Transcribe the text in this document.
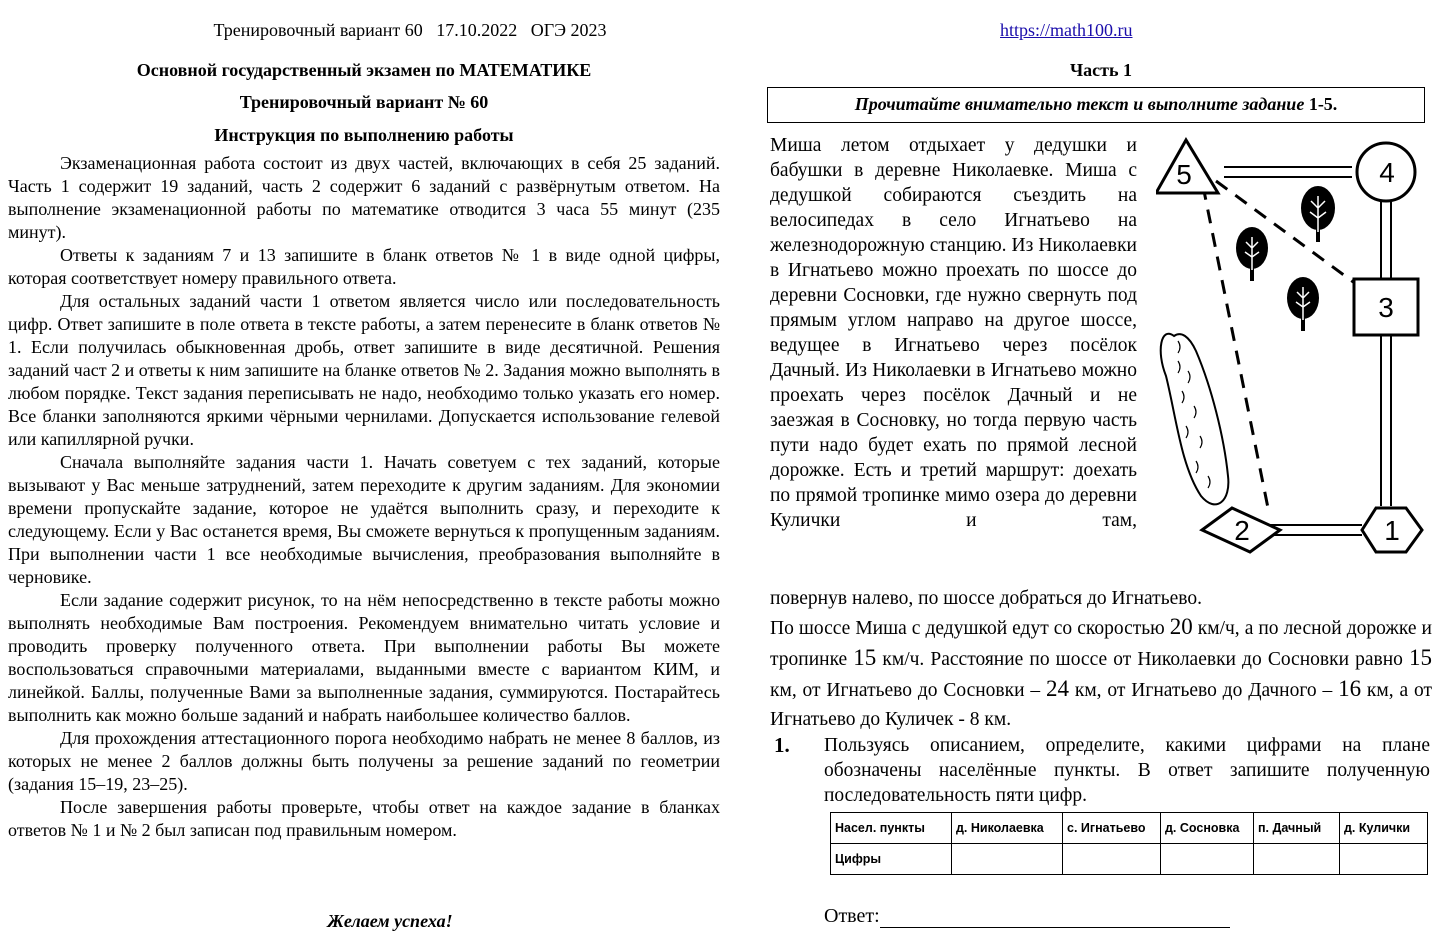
Тренировочный вариант 60   17.10.2022   ОГЭ 2023	https://math100.ru
Основной государственный экзамен по МАТЕМАТИКЕ
Тренировочный вариант № 60
Инструкция по выполнению работы

Экзаменационная работа состоит из двух частей, включающих в себя 25 заданий. Часть 1 содержит 19 заданий, часть 2 содержит 6 заданий с развёрнутым ответом. На выполнение экзаменационной работы по математике отводится 3 часа 55 минут (235 минут).

Ответы к заданиям 7 и 13 запишите в бланк ответов № 1 в виде одной цифры, которая соответствует номеру правильного ответа.

Для остальных заданий части 1 ответом является число или последовательность цифр. Ответ запишите в поле ответа в тексте работы, а затем перенесите в бланк ответов № 1. Если получилась обыкновенная дробь, ответ запишите в виде десятичной. Решения заданий част 2 и ответы к ним запишите на бланке ответов № 2. Задания можно выполнять в любом порядке. Текст задания переписывать не надо, необходимо только указать его номер. Все бланки заполняются яркими чёрными чернилами. Допускается использование гелевой или капиллярной ручки.

Сначала выполняйте задания части 1. Начать советуем с тех заданий, которые вызывают у Вас меньше затруднений, затем переходите к другим заданиям. Для экономии времени пропускайте задание, которое не удаётся выполнить сразу, и переходите к следующему. Если у Вас останется время, Вы сможете вернуться к пропущенным заданиям. При выполнении части 1 все необходимые вычисления, преобразования выполняйте в черновике.

Если задание содержит рисунок, то на нём непосредственно в тексте работы можно выполнять необходимые Вам построения. Рекомендуем внимательно читать условие и проводить проверку полученного ответа. При выполнении работы Вы можете воспользоваться справочными материалами, выданными вместе с вариантом КИМ, и линейкой. Баллы, полученные Вами за выполненные задания, суммируются. Постарайтесь выполнить как можно больше заданий и набрать наибольшее количество баллов.

Для прохождения аттестационного порога необходимо набрать не менее 8 баллов, из которых не менее 2 баллов должны быть получены за решение заданий по геометрии (задания 15–19, 23–25).

После завершения работы проверьте, чтобы ответ на каждое задание в бланках ответов № 1 и № 2 был записан под правильным номером.

Желаем успеха!
Часть 1
Прочитайте внимательно текст и выполните задание 1-5.
Миша летом отдыхает у дедушки и бабушки в деревне Николаевке. Миша с дедушкой собираются съездить на велосипедах в село Игнатьево на железнодорожную станцию. Из Николаевки в Игнатьево можно проехать по шоссе до деревни Сосновки, где нужно свернуть под прямым углом направо на другое шоссе, ведущее в Игнатьево через посёлок Дачный. Из Николаевки в Игнатьево можно проехать через посёлок Дачный и не заезжая в Сосновку, но тогда первую часть пути надо будет ехать по прямой лесной дорожке. Есть и третий маршрут: доехать по прямой тропинке мимо озера до деревни Кулички и там,
5	4
3
2	1
повернув налево, по шоссе добраться до Игнатьево.
По шоссе Миша с дедушкой едут со скоростью 20 км/ч, а по лесной дорожке и тропинке 15 км/ч. Расстояние по шоссе от Николаевки до Сосновки равно 15 км, от Игнатьево до Сосновки – 24 км, от Игнатьево до Дачного – 16 км, а от Игнатьево до Куличек - 8 км.
1. Пользуясь описанием, определите, какими цифрами на плане обозначены населённые пункты. В ответ запишите полученную последовательность пяти цифр.
Насел. пункты	д. Николаевка	с. Игнатьево	д. Сосновка	п. Дачный	д. Кулички
Цифры					
Ответ:
